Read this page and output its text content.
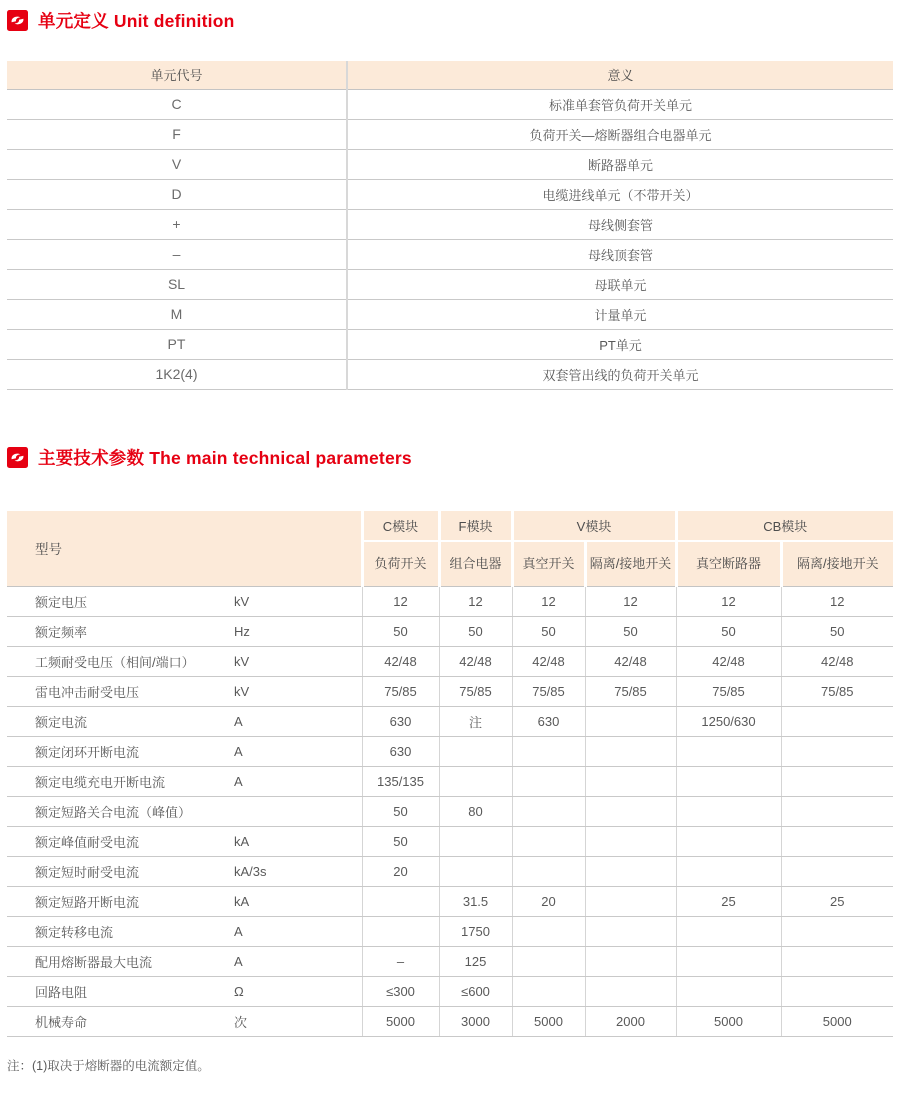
单元定义 Unit definition
单元代号	意义
C	标准单套管负荷开关单元
F	负荷开关—熔断器组合电器单元
V	断路器单元
D	电缆进线单元（不带开关）
+	母线侧套管
–	母线顶套管
SL	母联单元
M	计量单元
PT	PT单元
1K2(4)	双套管出线的负荷开关单元
主要技术参数 The main technical parameters
型号		C模块	F模块	V模块		CB模块	
		负荷开关	组合电器	真空开关	隔离/接地开关	真空断路器	隔离/接地开关
额定电压	kV	12	12	12	12	12	12
额定频率	Hz	50	50	50	50	50	50
工频耐受电压（相间/端口）	kV	42/48	42/48	42/48	42/48	42/48	42/48
雷电冲击耐受电压	kV	75/85	75/85	75/85	75/85	75/85	75/85
额定电流	A	630	注	630		1250/630	
额定闭环开断电流	A	630					
额定电缆充电开断电流	A	135/135					
额定短路关合电流（峰值）		50	80				
额定峰值耐受电流	kA	50					
额定短时耐受电流	kA/3s	20					
额定短路开断电流	kA		31.5	20		25	25
额定转移电流	A		1750				
配用熔断器最大电流	A	–	125				
回路电阻	Ω	≤300	≤600				
机械寿命	次	5000	3000	5000	2000	5000	5000

注：(1)取决于熔断器的电流额定值。
